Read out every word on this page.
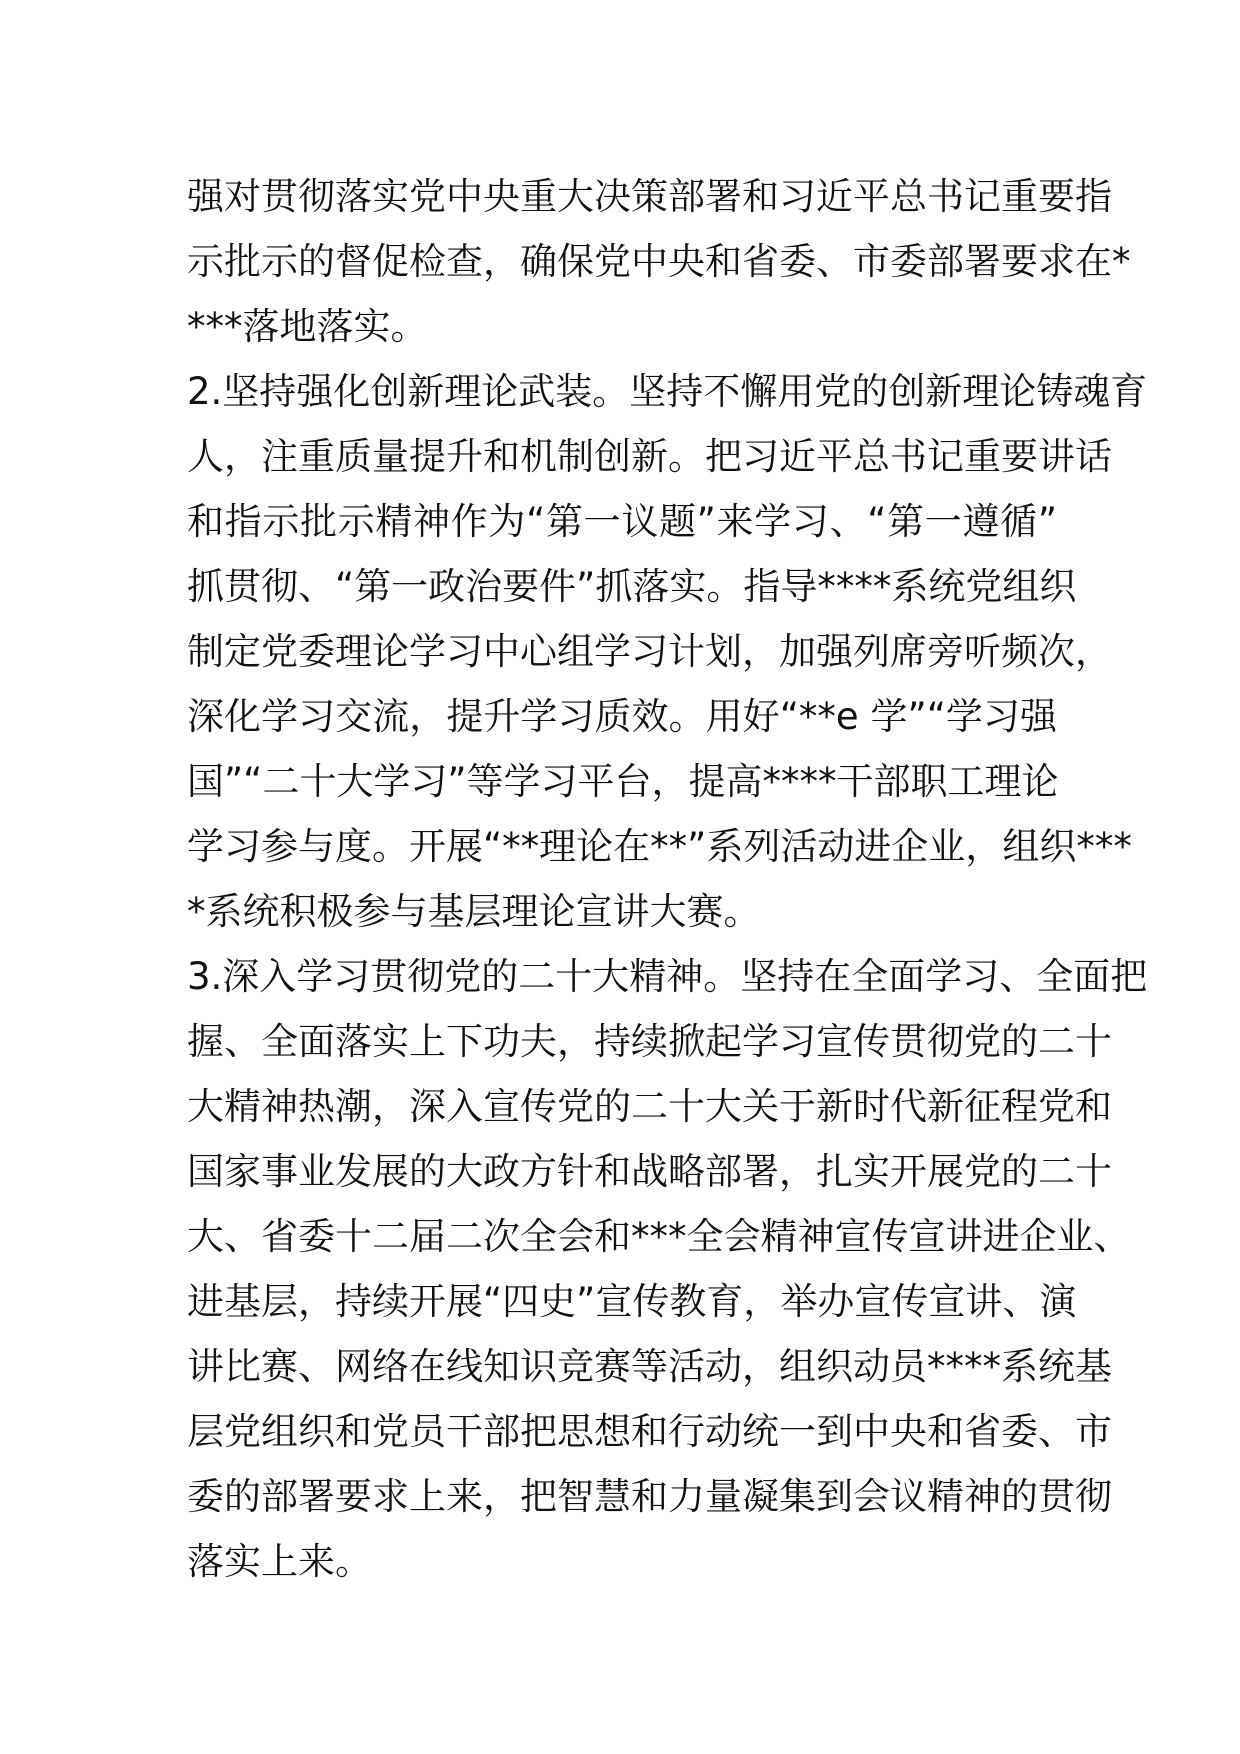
强对贯彻落实党中央重大决策部署和习近平总书记重要指
示批示的督促检查，确保党中央和省委、市委部署要求在*
***落地落实。
2.坚持强化创新理论武装。坚持不懈用党的创新理论铸魂育
人，注重质量提升和机制创新。把习近平总书记重要讲话
和指示批示精神作为“第一议题”来学习、“第一遵循”
抓贯彻、“第一政治要件”抓落实。指导****系统党组织
制定党委理论学习中心组学习计划，加强列席旁听频次，
深化学习交流，提升学习质效。用好“**e 学”“学习强
国”“二十大学习”等学习平台，提高****干部职工理论
学习参与度。开展“**理论在**”系列活动进企业，组织***
*系统积极参与基层理论宣讲大赛。
3.深入学习贯彻党的二十大精神。坚持在全面学习、全面把
握、全面落实上下功夫，持续掀起学习宣传贯彻党的二十
大精神热潮，深入宣传党的二十大关于新时代新征程党和
国家事业发展的大政方针和战略部署，扎实开展党的二十
大、省委十二届二次全会和***全会精神宣传宣讲进企业、
进基层，持续开展“四史”宣传教育，举办宣传宣讲、演
讲比赛、网络在线知识竞赛等活动，组织动员****系统基
层党组织和党员干部把思想和行动统一到中央和省委、市
委的部署要求上来，把智慧和力量凝集到会议精神的贯彻
落实上来。
